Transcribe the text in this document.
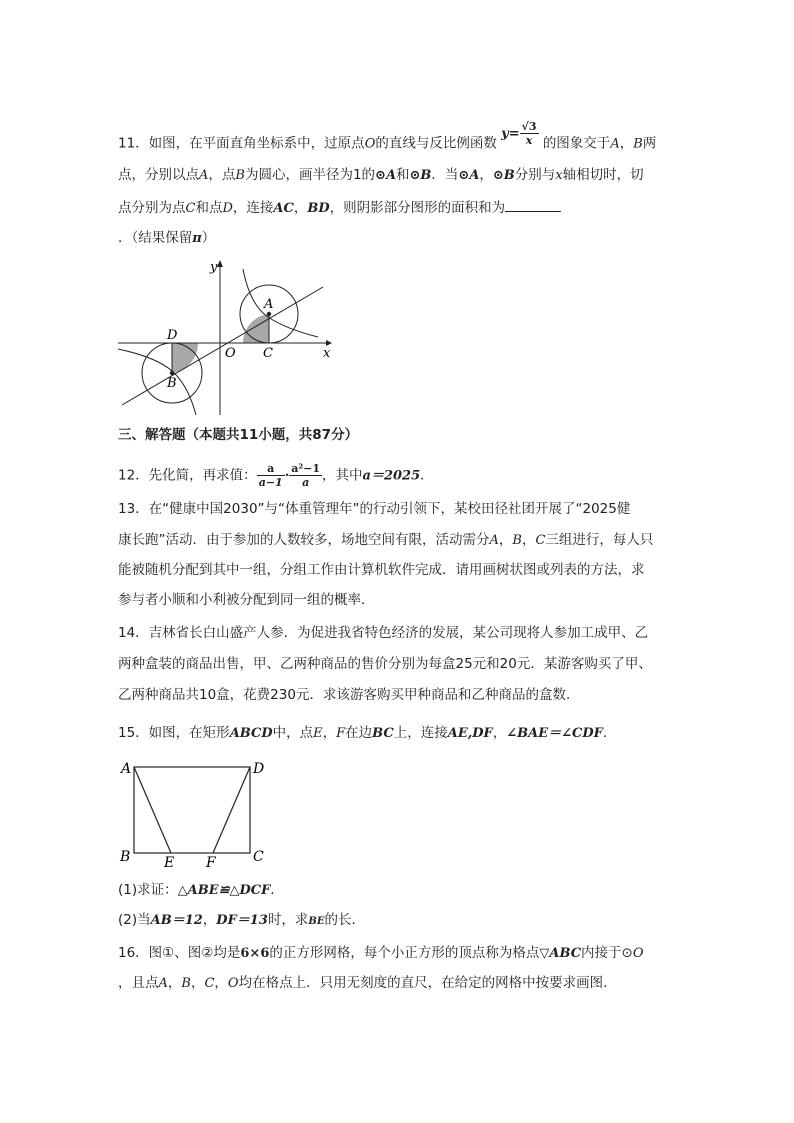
11．如图，在平面直角坐标系中，过原点O的直线与反比例函数 $y= \frac{√3}{x}$ 的图象交于A，B两
点，分别以点A，点B为圆心，画半径为1的⊙A和⊙B．当⊙A，⊙B分别与x轴相切时，切
点分别为点C和点D，连接AC，BD，则阴影部分图形的面积和为
．（结果保留π）
y
x
O
A
C
D
B
三、解答题（本题共11小题，共87分）
12．先化简，再求值： $\frac{a}{a-1} \cdot \frac{\text{a²−1}}{a}$ ，其中a＝2025．
13．在“健康中国2030”与“体重管理年”的行动引领下，某校田径社团开展了“2025健
康长跑”活动．由于参加的人数较多，场地空间有限，活动需分A，B，C三组进行，每人只
能被随机分配到其中一组，分组工作由计算机软件完成．请用画树状图或列表的方法，求
参与者小顺和小利被分配到同一组的概率．
14．吉林省长白山盛产人参．为促进我省特色经济的发展，某公司现将人参加工成甲、乙
两种盒装的商品出售，甲、乙两种商品的售价分别为每盒25元和20元．某游客购买了甲、
乙两种商品共10盒，花费230元．求该游客购买甲种商品和乙种商品的盒数．
15．如图，在矩形ABCD中，点E，F在边BC上，连接AE,DF，∠BAE＝∠CDF．
A	D
B E F	C
(1)求证：△ABE≌△DCF．
(2)当AB＝12，DF＝13时，求BE的长．
16．图①、图②均是6×6的正方形网格，每个小正方形的顶点称为格点▽ABC内接于⊙O
，且点A，B，C，O均在格点上．只用无刻度的直尺，在给定的网格中按要求画图．
